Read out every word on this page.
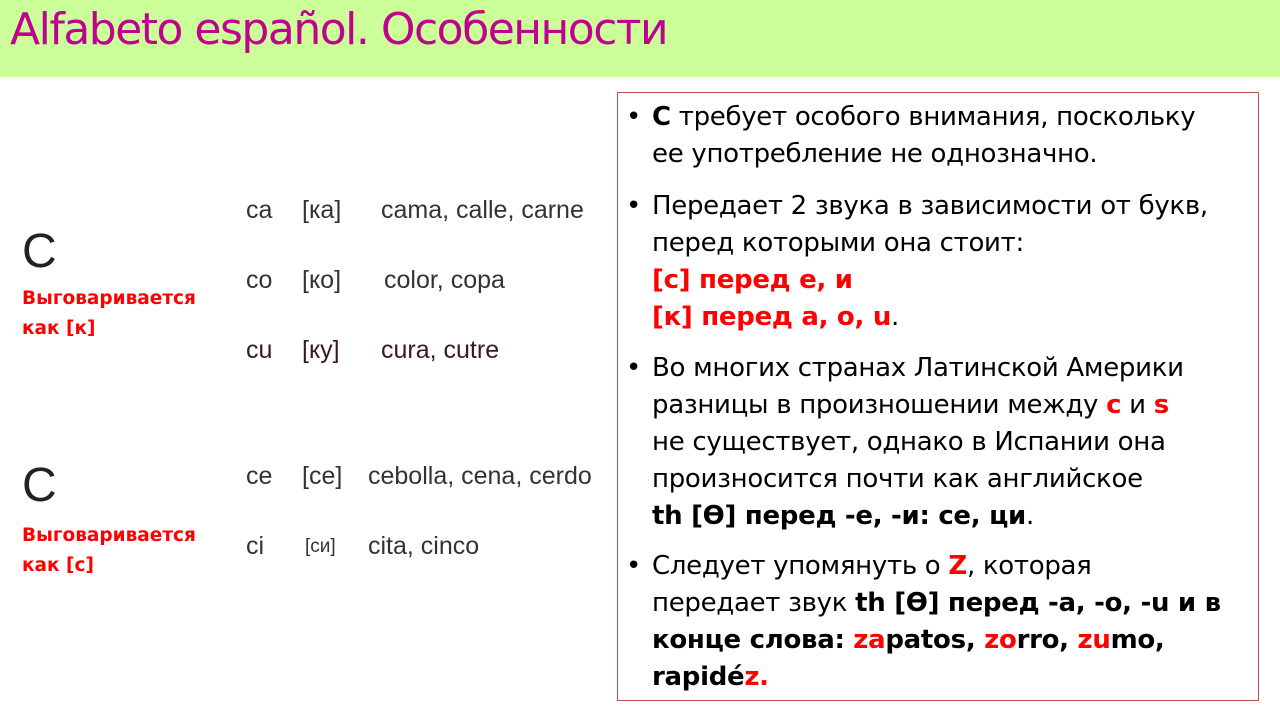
Alfabeto español. Особенности
C
Выговаривается
как [к]
ca [ка] cama, calle, carne
co [ко] color, copa
cu [ку] cura, cutre
C
Выговаривается
как [с]
ce [ce] cebolla, cena, cerdo
ci [си] cita, cinco
• C требует особого внимания, поскольку
ее употребление не однозначно.
• Передает 2 звука в зависимости от букв,
перед которыми она стоит:
[с] перед e, и
[к] перед a, o, u.
• Во многих странах Латинской Америки
разницы в произношении между c и s
не существует, однако в Испании она
произносится почти как английское
th [Ɵ] перед -e, -и: ce, ци.
• Следует упомянуть о Z, которая
передает звук th [Ɵ] перед -a, -o, -u и в
конце слова: zapatos, zorro, zumo,
rapidéz.
